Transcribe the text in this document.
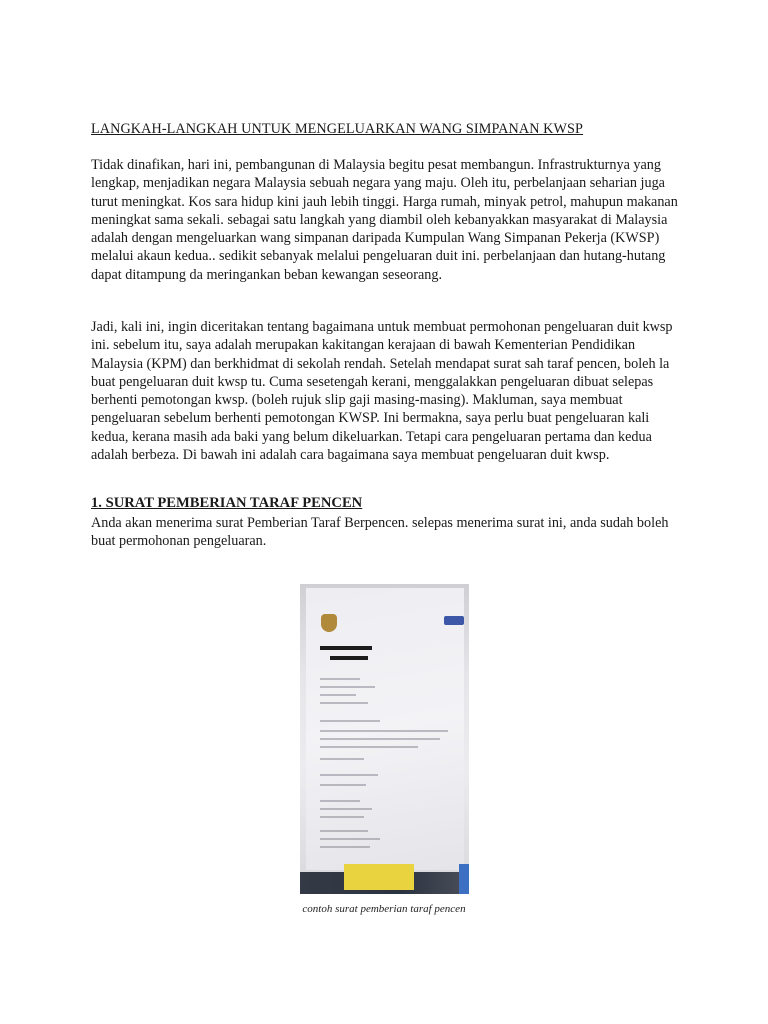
LANGKAH-LANGKAH UNTUK MENGELUARKAN WANG SIMPANAN KWSP

Tidak dinafikan, hari ini, pembangunan di Malaysia begitu pesat membangun. Infrastrukturnya yang lengkap, menjadikan negara Malaysia sebuah negara yang maju. Oleh itu, perbelanjaan seharian juga turut meningkat. Kos sara hidup kini jauh lebih tinggi. Harga rumah, minyak petrol, mahupun makanan meningkat sama sekali. sebagai satu langkah yang diambil oleh kebanyakkan masyarakat di Malaysia adalah dengan mengeluarkan wang simpanan daripada Kumpulan Wang Simpanan Pekerja (KWSP) melalui akaun kedua.. sedikit sebanyak melalui pengeluaran duit ini. perbelanjaan dan hutang-hutang dapat ditampung da meringankan beban kewangan seseorang.

Jadi, kali ini, ingin diceritakan tentang bagaimana untuk membuat permohonan pengeluaran duit kwsp ini. sebelum itu, saya adalah merupakan kakitangan kerajaan di bawah Kementerian Pendidikan Malaysia (KPM) dan berkhidmat di sekolah rendah. Setelah mendapat surat sah taraf pencen, boleh la buat pengeluaran duit kwsp tu. Cuma sesetengah kerani, menggalakkan pengeluaran dibuat selepas berhenti pemotongan kwsp. (boleh rujuk slip gaji masing-masing). Makluman, saya membuat pengeluaran sebelum berhenti pemotongan KWSP. Ini bermakna, saya perlu buat pengeluaran kali kedua, kerana masih ada baki yang belum dikeluarkan. Tetapi cara pengeluaran pertama dan kedua adalah berbeza. Di bawah ini adalah cara bagaimana saya membuat pengeluaran duit kwsp.

1. SURAT PEMBERIAN TARAF PENCEN

Anda akan menerima surat Pemberian Taraf Berpencen. selepas menerima surat ini, anda sudah boleh buat permohonan pengeluaran.

contoh surat pemberian taraf pencen
